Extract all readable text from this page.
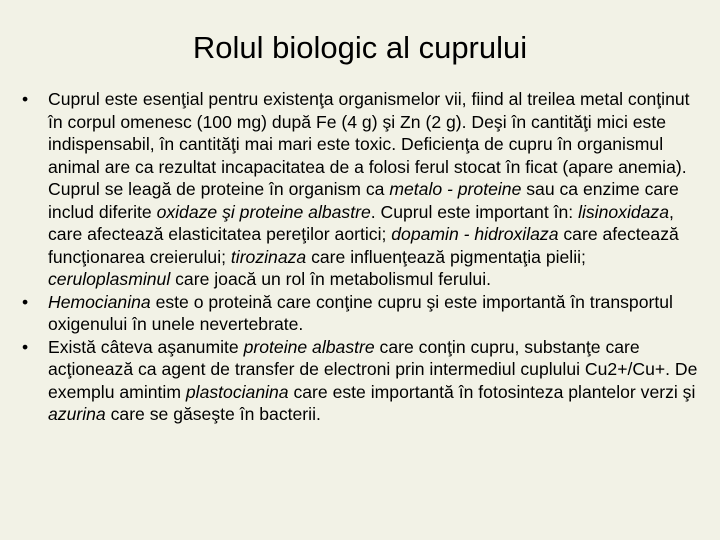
Rolul biologic al cuprului
•	Cuprul este esenţial pentru existenţa organismelor vii, fiind al treilea metal conţinut în corpul omenesc (100 mg) după Fe (4 g) şi Zn (2 g). Deşi în cantităţi mici este indispensabil, în cantităţi mai mari este toxic. Deficienţa de cupru în organismul animal are ca rezultat incapacitatea de a folosi ferul stocat în ficat (apare anemia). Cuprul se leagă de proteine în organism ca metalo - proteine sau ca enzime care includ diferite oxidaze şi proteine albastre. Cuprul este important în: lisinoxidaza, care afectează elasticitatea pereţilor aortici; dopamin - hidroxilaza care afectează funcţionarea creierului; tirozinaza care influenţează pigmentaţia pielii; ceruloplasminul care joacă un rol în metabolismul ferului.
•	Hemocianina este o proteină care conţine cupru şi este importantă în transportul oxigenului în unele nevertebrate.
•	Există câteva aşanumite proteine albastre care conţin cupru, substanţe care acţionează ca agent de transfer de electroni prin intermediul cuplului Cu2+/Cu+. De exemplu amintim plastocianina care este importantă în fotosinteza plantelor verzi şi azurina care se găseşte în bacterii.
